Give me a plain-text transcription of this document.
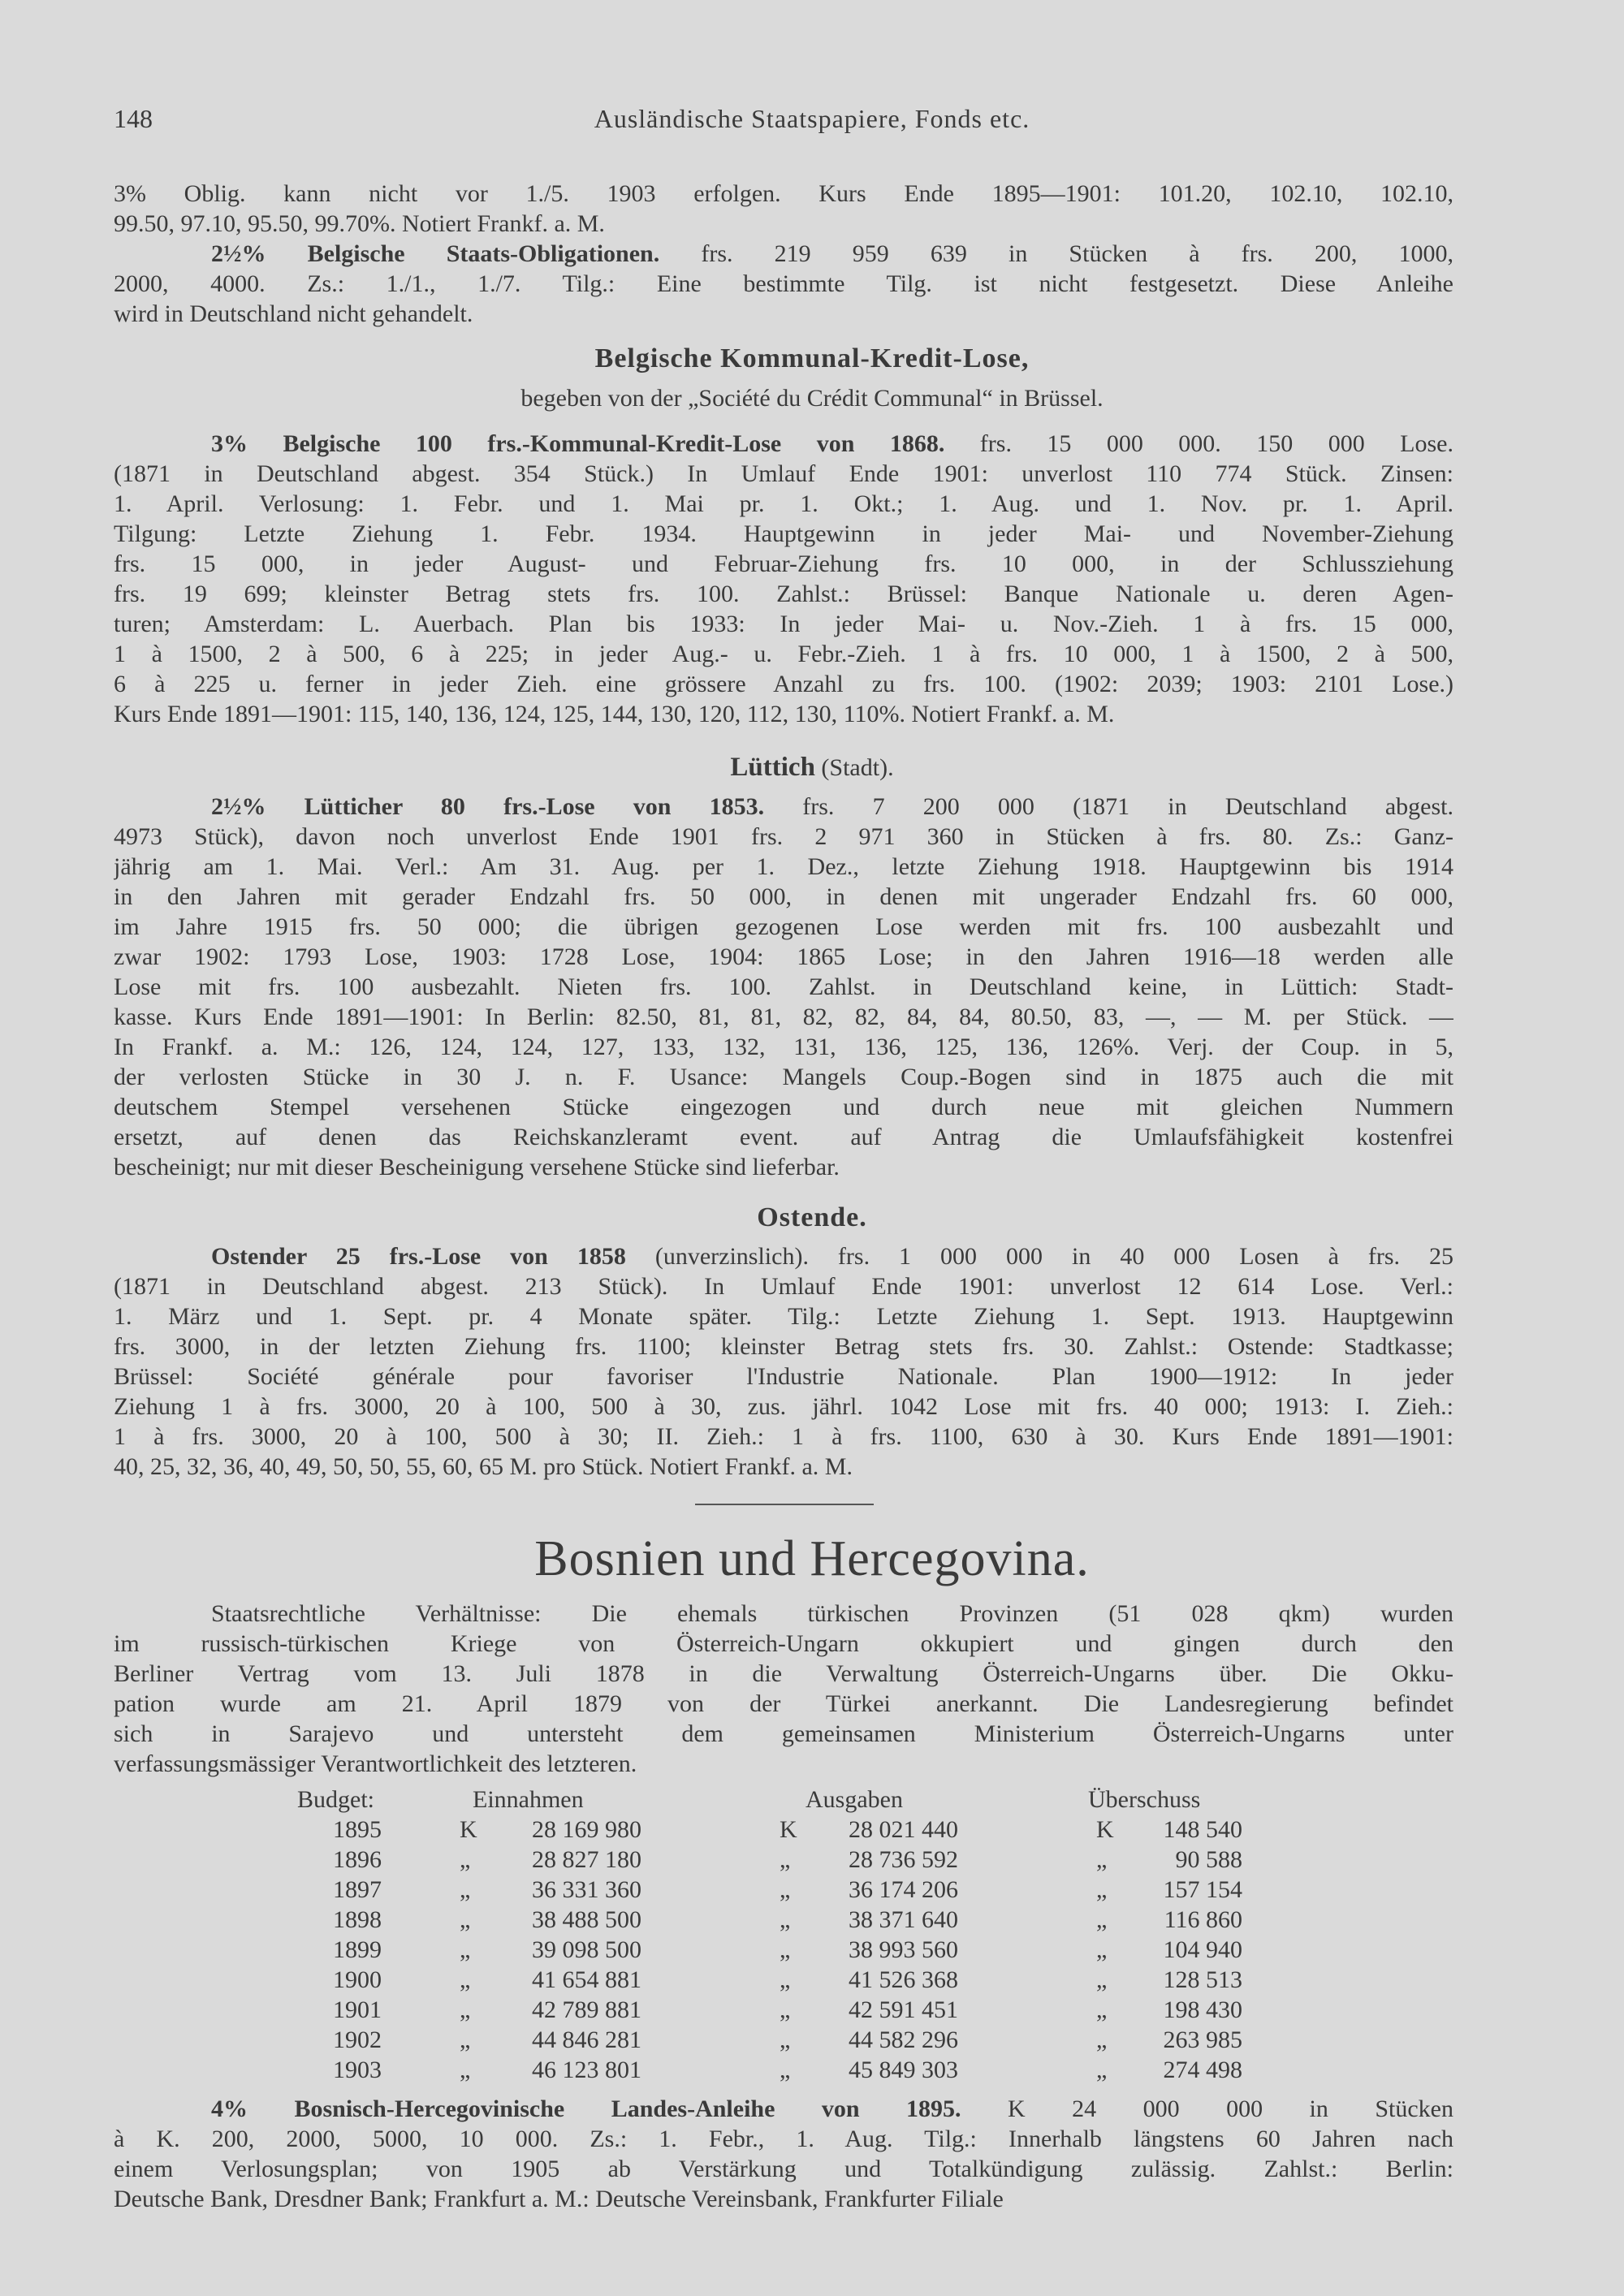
148	Ausländische Staatspapiere, Fonds etc.
3% Oblig. kann nicht vor 1./5. 1903 erfolgen. Kurs Ende 1895—1901: 101.20, 102.10, 102.10,
99.50, 97.10, 95.50, 99.70%. Notiert Frankf. a. M.
2½% Belgische Staats-Obligationen. frs. 219 959 639 in Stücken à frs. 200, 1000,
2000, 4000. Zs.: 1./1., 1./7. Tilg.: Eine bestimmte Tilg. ist nicht festgesetzt. Diese Anleihe
wird in Deutschland nicht gehandelt.
Belgische Kommunal-Kredit-Lose,
begeben von der „Société du Crédit Communal“ in Brüssel.
3% Belgische 100 frs.-Kommunal-Kredit-Lose von 1868. frs. 15 000 000. 150 000 Lose.
(1871 in Deutschland abgest. 354 Stück.) In Umlauf Ende 1901: unverlost 110 774 Stück. Zinsen:
1. April. Verlosung: 1. Febr. und 1. Mai pr. 1. Okt.; 1. Aug. und 1. Nov. pr. 1. April.
Tilgung: Letzte Ziehung 1. Febr. 1934. Hauptgewinn in jeder Mai- und November-Ziehung
frs. 15 000, in jeder August- und Februar-Ziehung frs. 10 000, in der Schlussziehung
frs. 19 699; kleinster Betrag stets frs. 100. Zahlst.: Brüssel: Banque Nationale u. deren Agen-
turen; Amsterdam: L. Auerbach. Plan bis 1933: In jeder Mai- u. Nov.-Zieh. 1 à frs. 15 000,
1 à 1500, 2 à 500, 6 à 225; in jeder Aug.- u. Febr.-Zieh. 1 à frs. 10 000, 1 à 1500, 2 à 500,
6 à 225 u. ferner in jeder Zieh. eine grössere Anzahl zu frs. 100. (1902: 2039; 1903: 2101 Lose.)
Kurs Ende 1891—1901: 115, 140, 136, 124, 125, 144, 130, 120, 112, 130, 110%. Notiert Frankf. a. M.
Lüttich (Stadt).
2½% Lütticher 80 frs.-Lose von 1853. frs. 7 200 000 (1871 in Deutschland abgest.
4973 Stück), davon noch unverlost Ende 1901 frs. 2 971 360 in Stücken à frs. 80. Zs.: Ganz-
jährig am 1. Mai. Verl.: Am 31. Aug. per 1. Dez., letzte Ziehung 1918. Hauptgewinn bis 1914
in den Jahren mit gerader Endzahl frs. 50 000, in denen mit ungerader Endzahl frs. 60 000,
im Jahre 1915 frs. 50 000; die übrigen gezogenen Lose werden mit frs. 100 ausbezahlt und
zwar 1902: 1793 Lose, 1903: 1728 Lose, 1904: 1865 Lose; in den Jahren 1916—18 werden alle
Lose mit frs. 100 ausbezahlt. Nieten frs. 100. Zahlst. in Deutschland keine, in Lüttich: Stadt-
kasse. Kurs Ende 1891—1901: In Berlin: 82.50, 81, 81, 82, 82, 84, 84, 80.50, 83, —, — M. per Stück. —
In Frankf. a. M.: 126, 124, 124, 127, 133, 132, 131, 136, 125, 136, 126%. Verj. der Coup. in 5,
der verlosten Stücke in 30 J. n. F. Usance: Mangels Coup.-Bogen sind in 1875 auch die mit
deutschem Stempel versehenen Stücke eingezogen und durch neue mit gleichen Nummern
ersetzt, auf denen das Reichskanzleramt event. auf Antrag die Umlaufsfähigkeit kostenfrei
bescheinigt; nur mit dieser Bescheinigung versehene Stücke sind lieferbar.
Ostende.
Ostender 25 frs.-Lose von 1858 (unverzinslich). frs. 1 000 000 in 40 000 Losen à frs. 25
(1871 in Deutschland abgest. 213 Stück). In Umlauf Ende 1901: unverlost 12 614 Lose. Verl.:
1. März und 1. Sept. pr. 4 Monate später. Tilg.: Letzte Ziehung 1. Sept. 1913. Hauptgewinn
frs. 3000, in der letzten Ziehung frs. 1100; kleinster Betrag stets frs. 30. Zahlst.: Ostende: Stadtkasse;
Brüssel: Société générale pour favoriser l'Industrie Nationale. Plan 1900—1912: In jeder
Ziehung 1 à frs. 3000, 20 à 100, 500 à 30, zus. jährl. 1042 Lose mit frs. 40 000; 1913: I. Zieh.:
1 à frs. 3000, 20 à 100, 500 à 30; II. Zieh.: 1 à frs. 1100, 630 à 30. Kurs Ende 1891—1901:
40, 25, 32, 36, 40, 49, 50, 50, 55, 60, 65 M. pro Stück. Notiert Frankf. a. M.
Bosnien und Hercegovina.
Staatsrechtliche Verhältnisse: Die ehemals türkischen Provinzen (51 028 qkm) wurden
im russisch-türkischen Kriege von Österreich-Ungarn okkupiert und gingen durch den
Berliner Vertrag vom 13. Juli 1878 in die Verwaltung Österreich-Ungarns über. Die Okku-
pation wurde am 21. April 1879 von der Türkei anerkannt. Die Landesregierung befindet
sich in Sarajevo und untersteht dem gemeinsamen Ministerium Österreich-Ungarns unter
verfassungsmässiger Verantwortlichkeit des letzteren.
Budget:	Einnahmen	Ausgaben	Überschuss
1895	K	28 169 980	K	28 021 440	K	148 540
1896	„	28 827 180	„	28 736 592	„	90 588
1897	„	36 331 360	„	36 174 206	„	157 154
1898	„	38 488 500	„	38 371 640	„	116 860
1899	„	39 098 500	„	38 993 560	„	104 940
1900	„	41 654 881	„	41 526 368	„	128 513
1901	„	42 789 881	„	42 591 451	„	198 430
1902	„	44 846 281	„	44 582 296	„	263 985
1903	„	46 123 801	„	45 849 303	„	274 498
4% Bosnisch-Hercegovinische Landes-Anleihe von 1895. K 24 000 000 in Stücken
à K. 200, 2000, 5000, 10 000. Zs.: 1. Febr., 1. Aug. Tilg.: Innerhalb längstens 60 Jahren nach
einem Verlosungsplan; von 1905 ab Verstärkung und Totalkündigung zulässig. Zahlst.: Berlin:
Deutsche Bank, Dresdner Bank; Frankfurt a. M.: Deutsche Vereinsbank, Frankfurter Filiale
